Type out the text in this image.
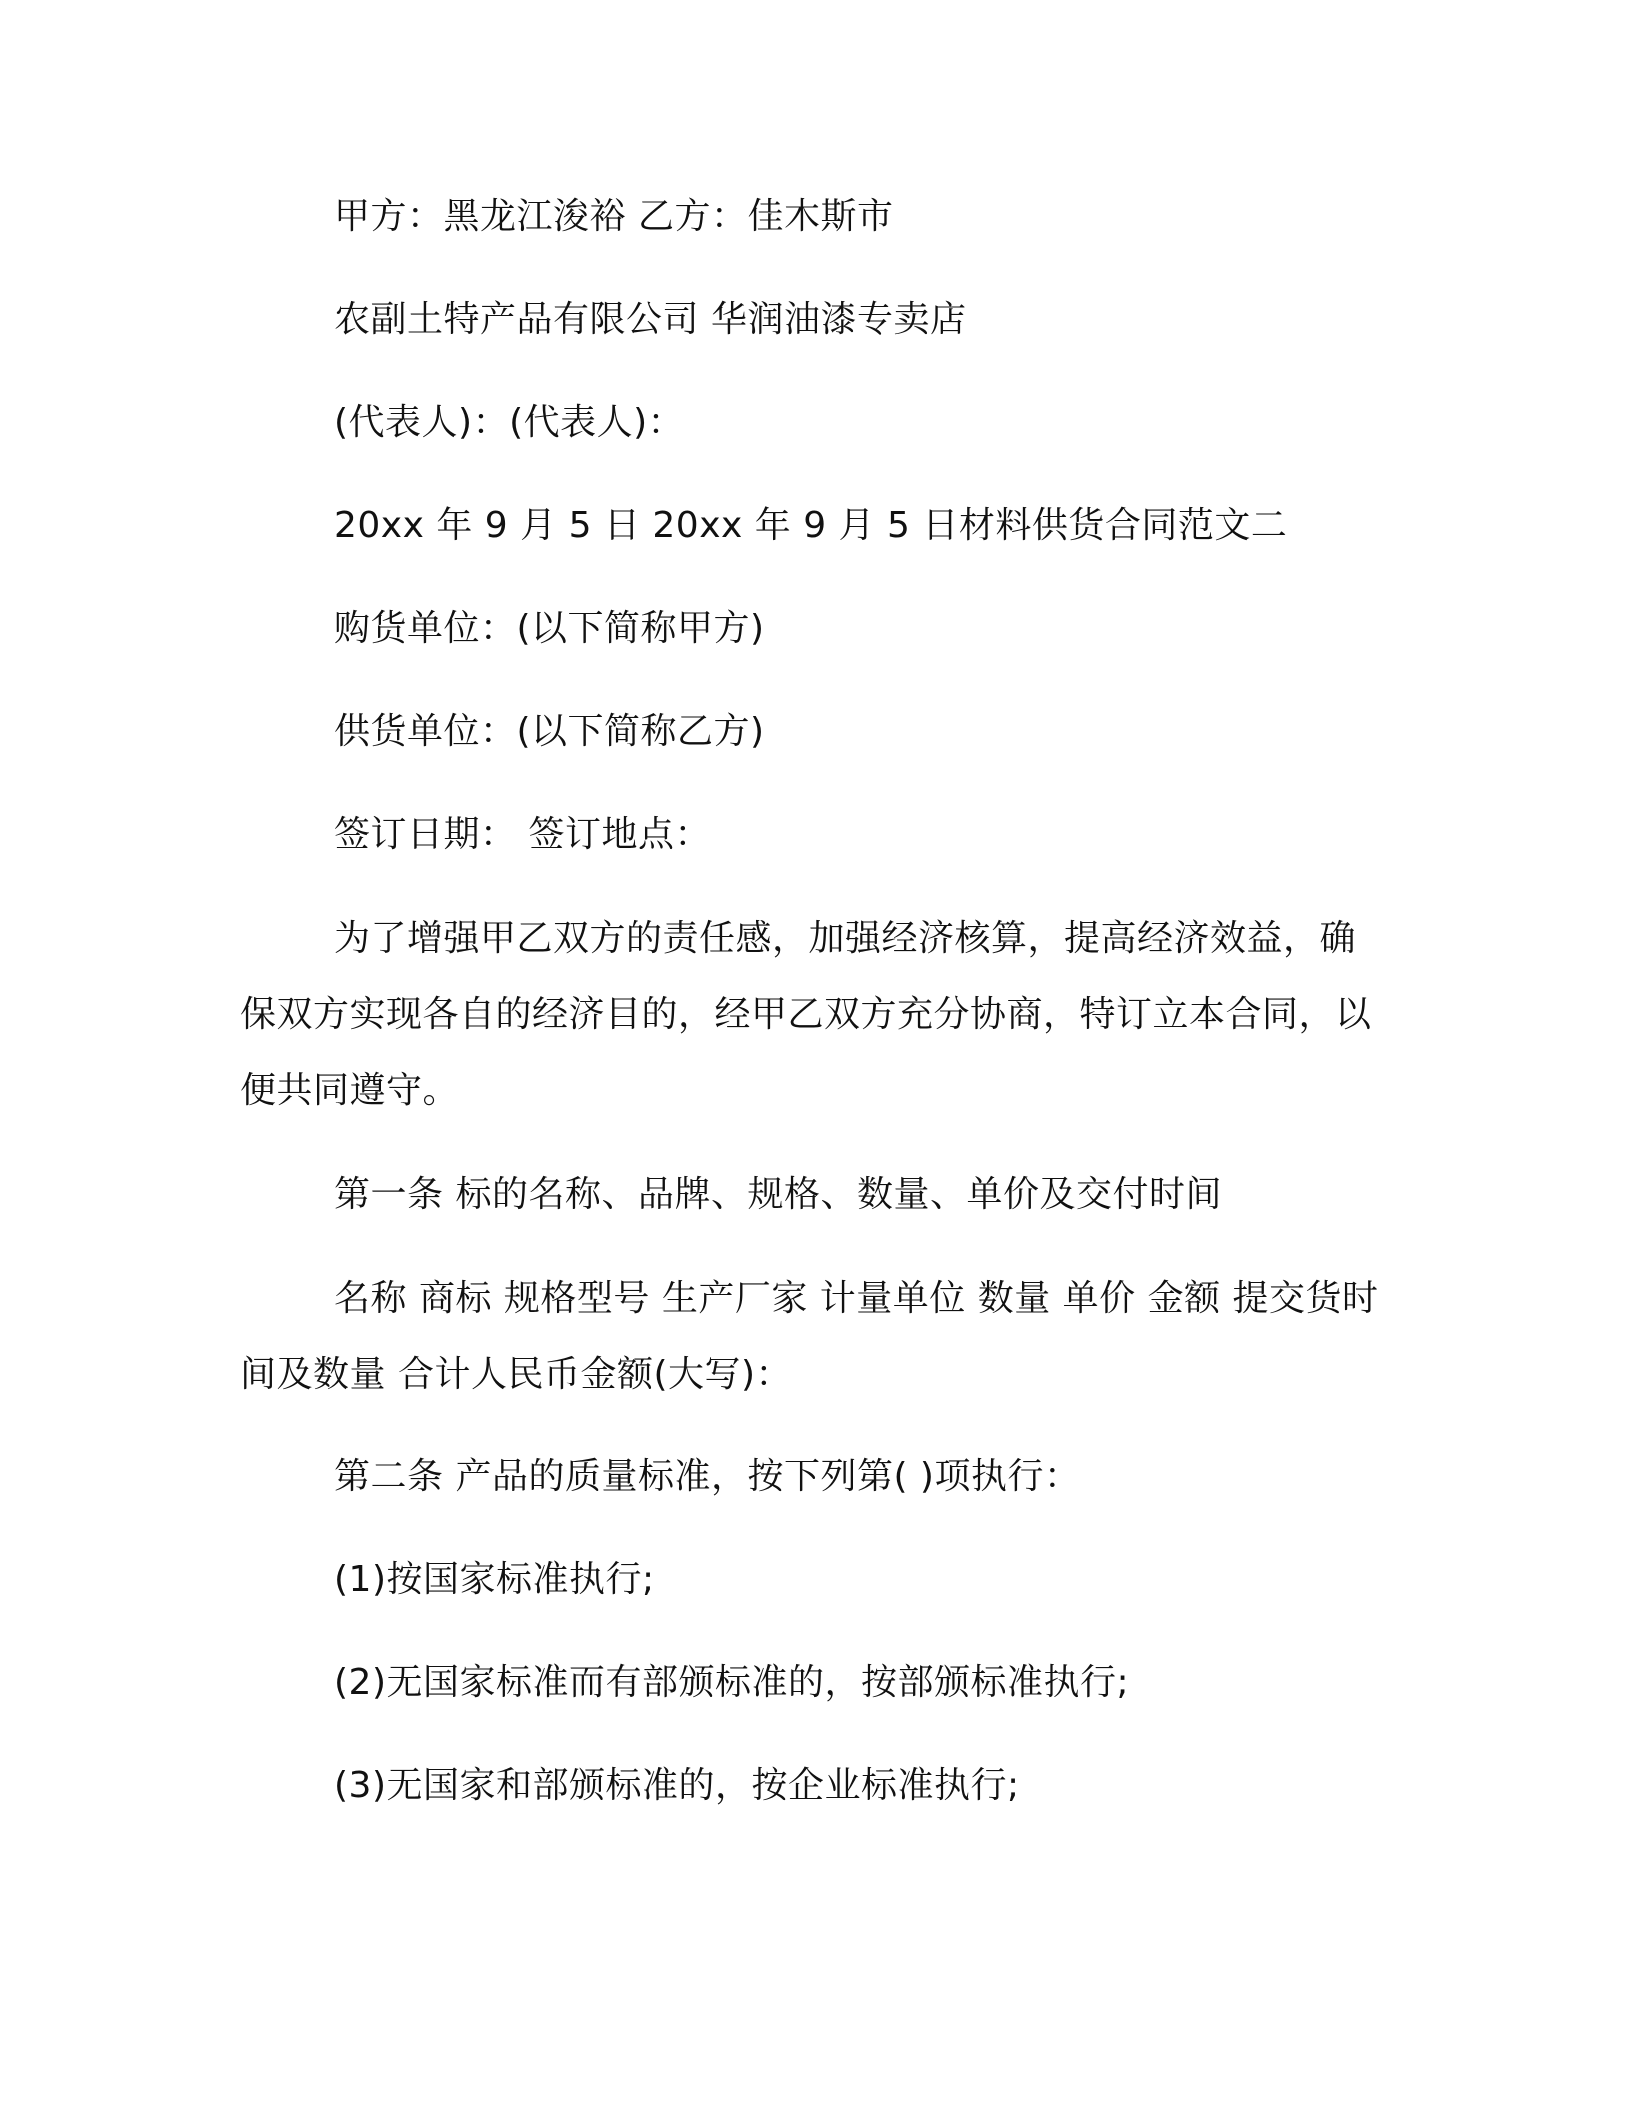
甲方：黑龙江浚裕 乙方：佳木斯市
农副土特产品有限公司 华润油漆专卖店
(代表人)：(代表人)：
20xx 年 9 月 5 日 20xx 年 9 月 5 日材料供货合同范文二
购货单位：(以下简称甲方)
供货单位：(以下简称乙方)
签订日期： 签订地点：

为了增强甲乙双方的责任感，加强经济核算，提高经济效益，确保双方实现各自的经济目的，经甲乙双方充分协商，特订立本合同，以便共同遵守。

第一条 标的名称、品牌、规格、数量、单价及交付时间

名称 商标 规格型号 生产厂家 计量单位 数量 单价 金额 提交货时间及数量 合计人民币金额(大写)：

第二条 产品的质量标准，按下列第( )项执行：
(1)按国家标准执行;
(2)无国家标准而有部颁标准的，按部颁标准执行;
(3)无国家和部颁标准的，按企业标准执行;
